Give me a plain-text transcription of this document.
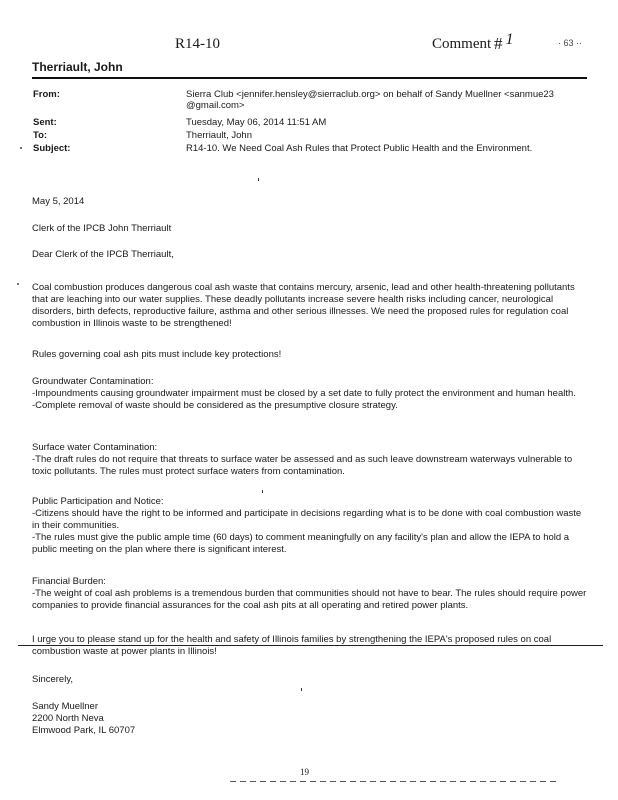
R14-10	Comment # 1	· 63 ··
Therriault, John
From:	Sierra Club <jennifer.hensley@sierraclub.org> on behalf of Sandy Muellner <sanmue23 @gmail.com>
Sent:	Tuesday, May 06, 2014 11:51 AM
To:	Therriault, John
Subject:	R14-10. We Need Coal Ash Rules that Protect Public Health and the Environment.
May 5, 2014
Clerk of the IPCB John Therriault
Dear Clerk of the IPCB Therriault,
Coal combustion produces dangerous coal ash waste that contains mercury, arsenic, lead and other health-threatening pollutants that are leaching into our water supplies. These deadly pollutants increase severe health risks including cancer, neurological disorders, birth defects, reproductive failure, asthma and other serious illnesses. We need the proposed rules for regulation coal combustion in Illinois waste to be strengthened!
Rules governing coal ash pits must include key protections!

Groundwater Contamination:

-Impoundments causing groundwater impairment must be closed by a set date to fully protect the environment and human health.

-Complete removal of waste should be considered as the presumptive closure strategy.

Surface water Contamination:

-The draft rules do not require that threats to surface water be assessed and as such leave downstream waterways vulnerable to toxic pollutants. The rules must protect surface waters from contamination.

Public Participation and Notice:

-Citizens should have the right to be informed and participate in decisions regarding what is to be done with coal combustion waste in their communities.

-The rules must give the public ample time (60 days) to comment meaningfully on any facility's plan and allow the IEPA to hold a public meeting on the plan where there is significant interest.

Financial Burden:

-The weight of coal ash problems is a tremendous burden that communities should not have to bear. The rules should require power companies to provide financial assurances for the coal ash pits at all operating and retired power plants.

I urge you to please stand up for the health and safety of Illinois families by strengthening the IEPA's proposed rules on coal combustion waste at power plants in Illinois!
Sincerely,

Sandy Muellner

2200 North Neva

Elmwood Park, IL 60707

19
